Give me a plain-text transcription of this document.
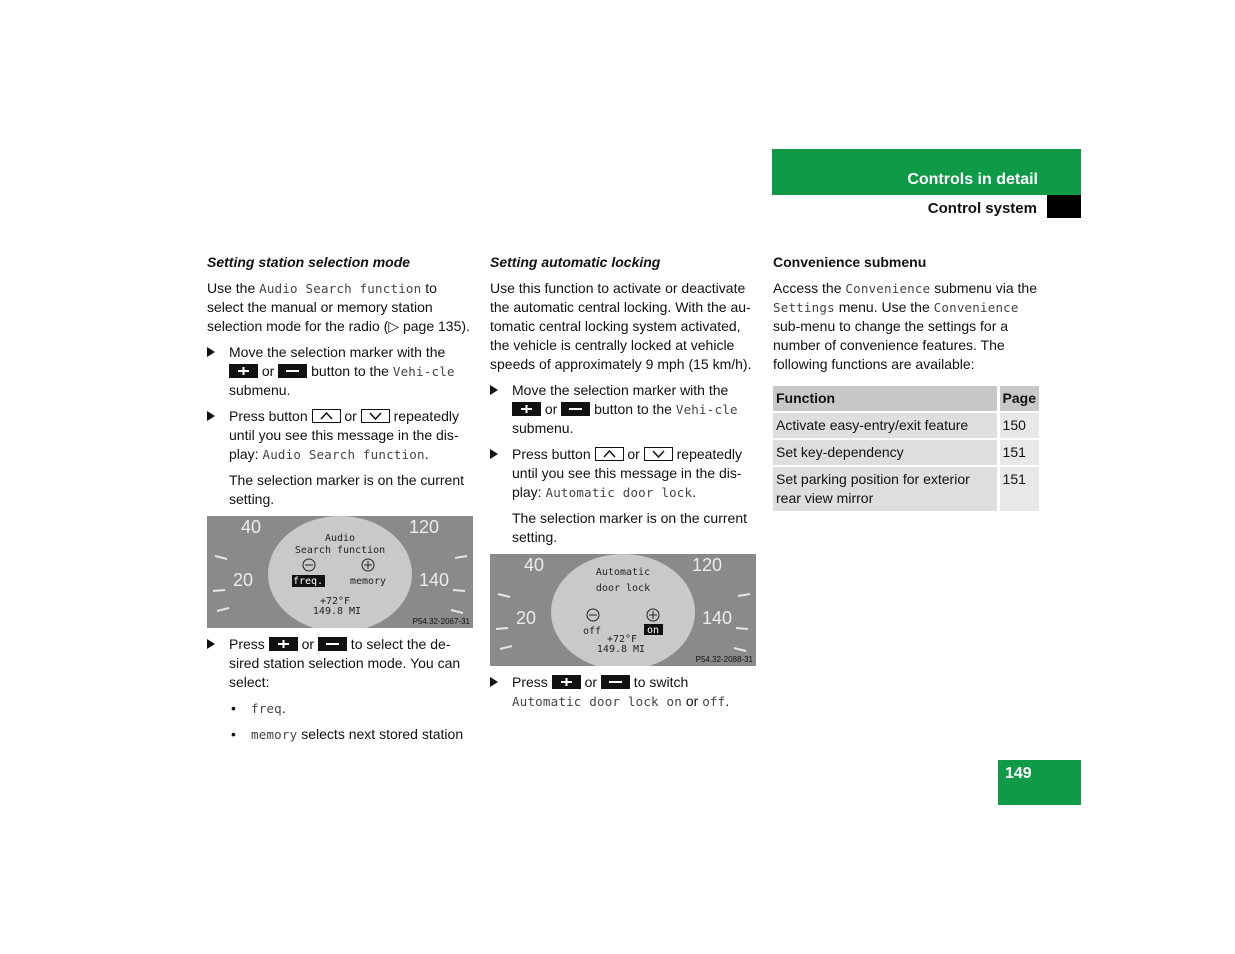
Controls in detail
Control system
Setting station selection mode

Use the Audio Search function to select the manual or memory station selection mode for the radio (▷ page 135).

Move the selection marker with the
or
button to the Vehi-cle submenu.
Press button
or
repeatedly until you see this message in the dis-play: Audio Search function.
The selection marker is on the current setting.
40	120
20	140
Audio
Search function
freq.	memory
+72°F
149.8 MI
P54.32-2067-31
Press
or
to select the de-sired station selection mode. You can select:
• freq.
• memory selects next stored station
Setting automatic locking

Use this function to activate or deactivate the automatic central locking. With the au-tomatic central locking system activated, the vehicle is centrally locked at vehicle speeds of approximately 9 mph (15 km/h).

Move the selection marker with the
or
button to the Vehi-cle submenu.
Press button
or
repeatedly until you see this message in the dis-play: Automatic door lock.
The selection marker is on the current setting.
40	120
20	140
Automatic
door lock
off	on
+72°F
149.8 MI
P54.32-2088-31
Press
or
to switch Automatic door lock on or off.
Convenience submenu

Access the Convenience submenu via the Settings menu. Use the Convenience sub-menu to change the settings for a number of convenience features. The following functions are available:

Function	Page
Activate easy-entry/exit feature	150
Set key-dependency	151
Set parking position for exterior rear view mirror	151
149
